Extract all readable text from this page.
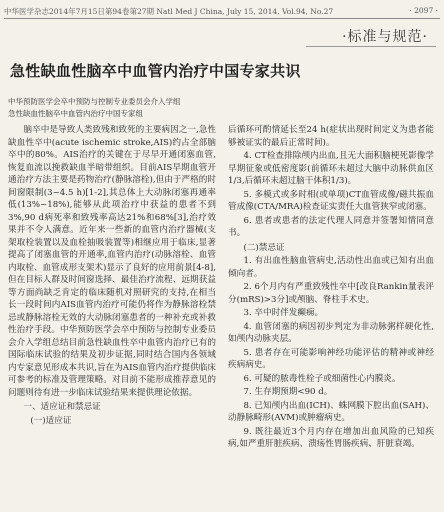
中华医学杂志2014年7月15日第94卷第27期 Natl Med J China, July 15, 2014, Vol.94, No.27	· 2097 ·
·标准与规范·
急性缺血性脑卒中血管内治疗中国专家共识
中华预防医学会卒中预防与控制专业委员会介入学组
急性缺血性脑卒中血管内治疗中国专家组

脑卒中是导致人类致残和致死的主要病因之一,急性缺血性卒中(acute ischemic stroke,AIS)约占全部脑卒中的80%。AIS治疗的关键在于尽早开通闭塞血管,恢复血流以挽救缺血半暗带组织。目前AIS早期血管开通治疗方法主要是药物治疗(静脉溶栓),但由于严格的时间窗限制(3~4.5 h)[1-2],其总体上大动脉闭塞再通率低(13%~18%),能够从此项治疗中获益的患者不到3%,90 d病死率和致残率高达21%和68%[3],治疗效果并不令人满意。近年来一些新的血管内治疗器械(支架取栓装置以及血栓抽吸装置等)相继应用于临床,显著提高了闭塞血管的开通率,血管内治疗(动脉溶栓、血管内取栓、血管成形支架术)显示了良好的应用前景[4-8],但在目标人群及时间窗选择、最佳治疗流程、远期获益等方面尚缺乏肯定的临床随机对照研究的支持,在相当长一段时间内AIS血管内治疗可能仍将作为静脉溶栓禁忌或静脉溶栓无效的大动脉闭塞患者的一种补充或补救性治疗手段。中华预防医学会卒中预防与控制专业委员会介入学组总结目前急性缺血性卒中血管内治疗已有的国际临床试验的结果及初步证据,同时结合国内各领域内专家意见形成本共识,旨在为AIS血管内治疗提供临床可参考的标准及管理策略。对目前不能形成推荐意见的问题则待有进一步临床试验结果来提供理论依据。

一、适应证和禁忌证

(一)适应证

后循环可酌情延长至24 h(症状出现时间定义为患者能够被证实的最后正常时间)。

4. CT检查排除颅内出血,且无大面积脑梗死影像学早期征象或低密度影(前循环未超过大脑中动脉供血区1/3,后循环未超过脑干体积1/3)。

5. 多模式或多时相(或单项)CT血管成像/磁共振血管成像(CTA/MRA)检查证实责任大血管狭窄或闭塞。

6. 患者或患者的法定代理人同意并签署知情同意书。

(二)禁忌证

1. 有出血性脑血管病史,活动性出血或已知有出血倾向者。

2. 6个月内有严重致残性卒中[改良Rankin量表评分(mRS)>3分]或颅脑、脊柱手术史。

3. 卒中时伴发癫痫。

4. 血管闭塞的病因初步判定为非动脉粥样硬化性,如颅内动脉夹层。

5. 患者存在可能影响神经功能评估的精神或神经疾病病史。

6. 可疑的脓毒性栓子或细菌性心内膜炎。

7. 生存期预期<90 d。

8. 已知颅内出血(ICH)、蛛网膜下腔出血(SAH)、动静脉畸形(AVM)或肿瘤病史。

9. 既往最近3个月内存在增加出血风险的已知疾病,如严重肝脏疾病、溃疡性胃肠疾病、肝脏衰竭。
